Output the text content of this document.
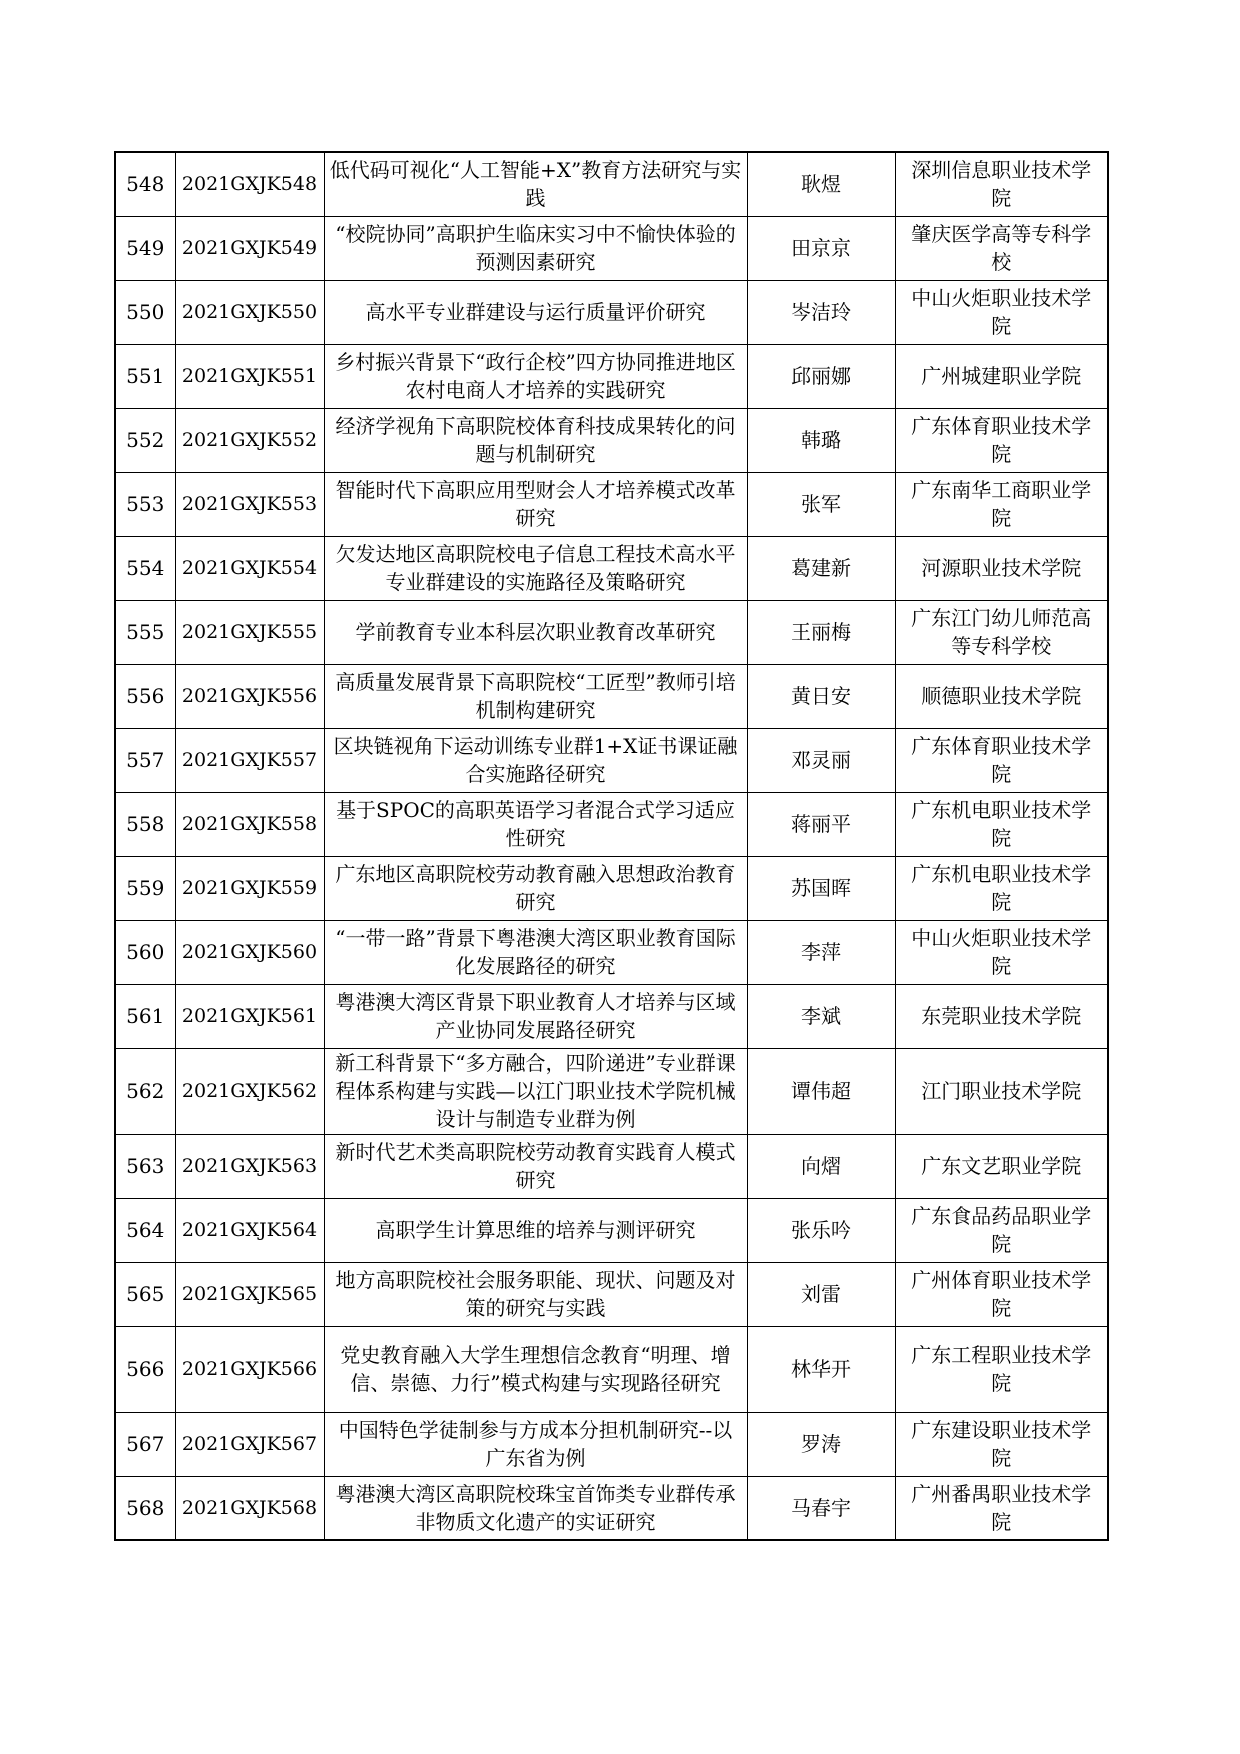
548	2021GXJK548	低代码可视化“人工智能+X”教育方法研究与实践	耿煜	深圳信息职业技术学院
549	2021GXJK549	“校院协同”高职护生临床实习中不愉快体验的预测因素研究	田京京	肇庆医学高等专科学校
550	2021GXJK550	高水平专业群建设与运行质量评价研究	岑洁玲	中山火炬职业技术学院
551	2021GXJK551	乡村振兴背景下“政行企校”四方协同推进地区农村电商人才培养的实践研究	邱丽娜	广州城建职业学院
552	2021GXJK552	经济学视角下高职院校体育科技成果转化的问题与机制研究	韩璐	广东体育职业技术学院
553	2021GXJK553	智能时代下高职应用型财会人才培养模式改革研究	张军	广东南华工商职业学院
554	2021GXJK554	欠发达地区高职院校电子信息工程技术高水平专业群建设的实施路径及策略研究	葛建新	河源职业技术学院
555	2021GXJK555	学前教育专业本科层次职业教育改革研究	王丽梅	广东江门幼儿师范高等专科学校
556	2021GXJK556	高质量发展背景下高职院校“工匠型”教师引培机制构建研究	黄日安	顺德职业技术学院
557	2021GXJK557	区块链视角下运动训练专业群1+X证书课证融合实施路径研究	邓灵丽	广东体育职业技术学院
558	2021GXJK558	基于SPOC的高职英语学习者混合式学习适应性研究	蒋丽平	广东机电职业技术学院
559	2021GXJK559	广东地区高职院校劳动教育融入思想政治教育研究	苏国晖	广东机电职业技术学院
560	2021GXJK560	“一带一路”背景下粤港澳大湾区职业教育国际化发展路径的研究	李萍	中山火炬职业技术学院
561	2021GXJK561	粤港澳大湾区背景下职业教育人才培养与区域产业协同发展路径研究	李斌	东莞职业技术学院
562	2021GXJK562	新工科背景下“多方融合，四阶递进”专业群课程体系构建与实践—以江门职业技术学院机械设计与制造专业群为例	谭伟超	江门职业技术学院
563	2021GXJK563	新时代艺术类高职院校劳动教育实践育人模式研究	向熠	广东文艺职业学院
564	2021GXJK564	高职学生计算思维的培养与测评研究	张乐吟	广东食品药品职业学院
565	2021GXJK565	地方高职院校社会服务职能、现状、问题及对策的研究与实践	刘雷	广州体育职业技术学院
566	2021GXJK566	党史教育融入大学生理想信念教育“明理、增信、崇德、力行”模式构建与实现路径研究	林华开	广东工程职业技术学院
567	2021GXJK567	中国特色学徒制参与方成本分担机制研究--以广东省为例	罗涛	广东建设职业技术学院
568	2021GXJK568	粤港澳大湾区高职院校珠宝首饰类专业群传承非物质文化遗产的实证研究	马春宇	广州番禺职业技术学院
